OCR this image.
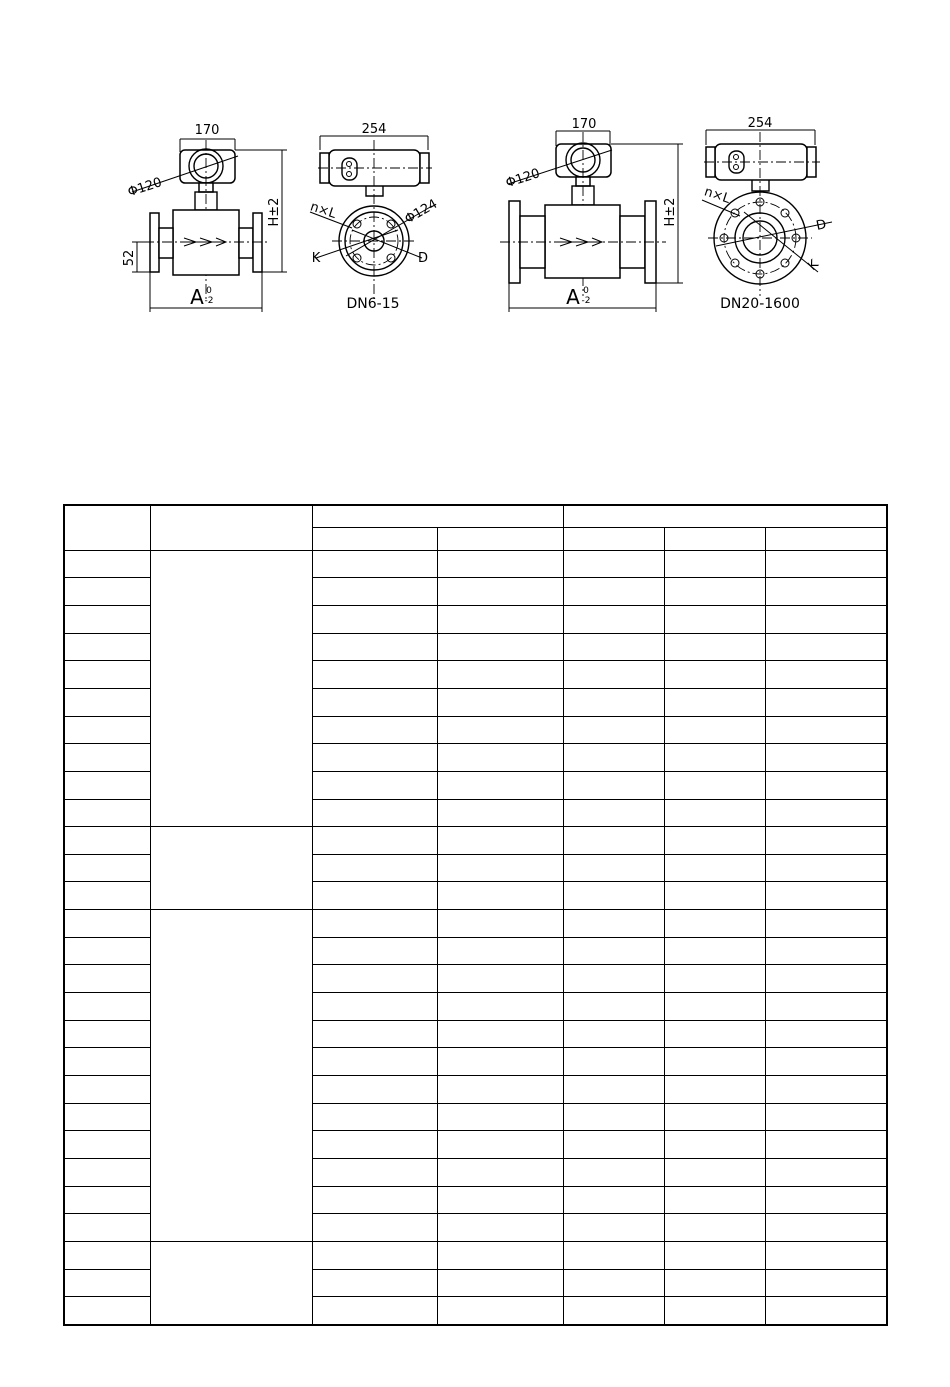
170
Φ120
H±2
52
A 0
-2
254
n×L	Φ124
K	D
DN6-15
170
Φ120
H±2
A 0
-2
254
n×L
D
K
DN20-1600
